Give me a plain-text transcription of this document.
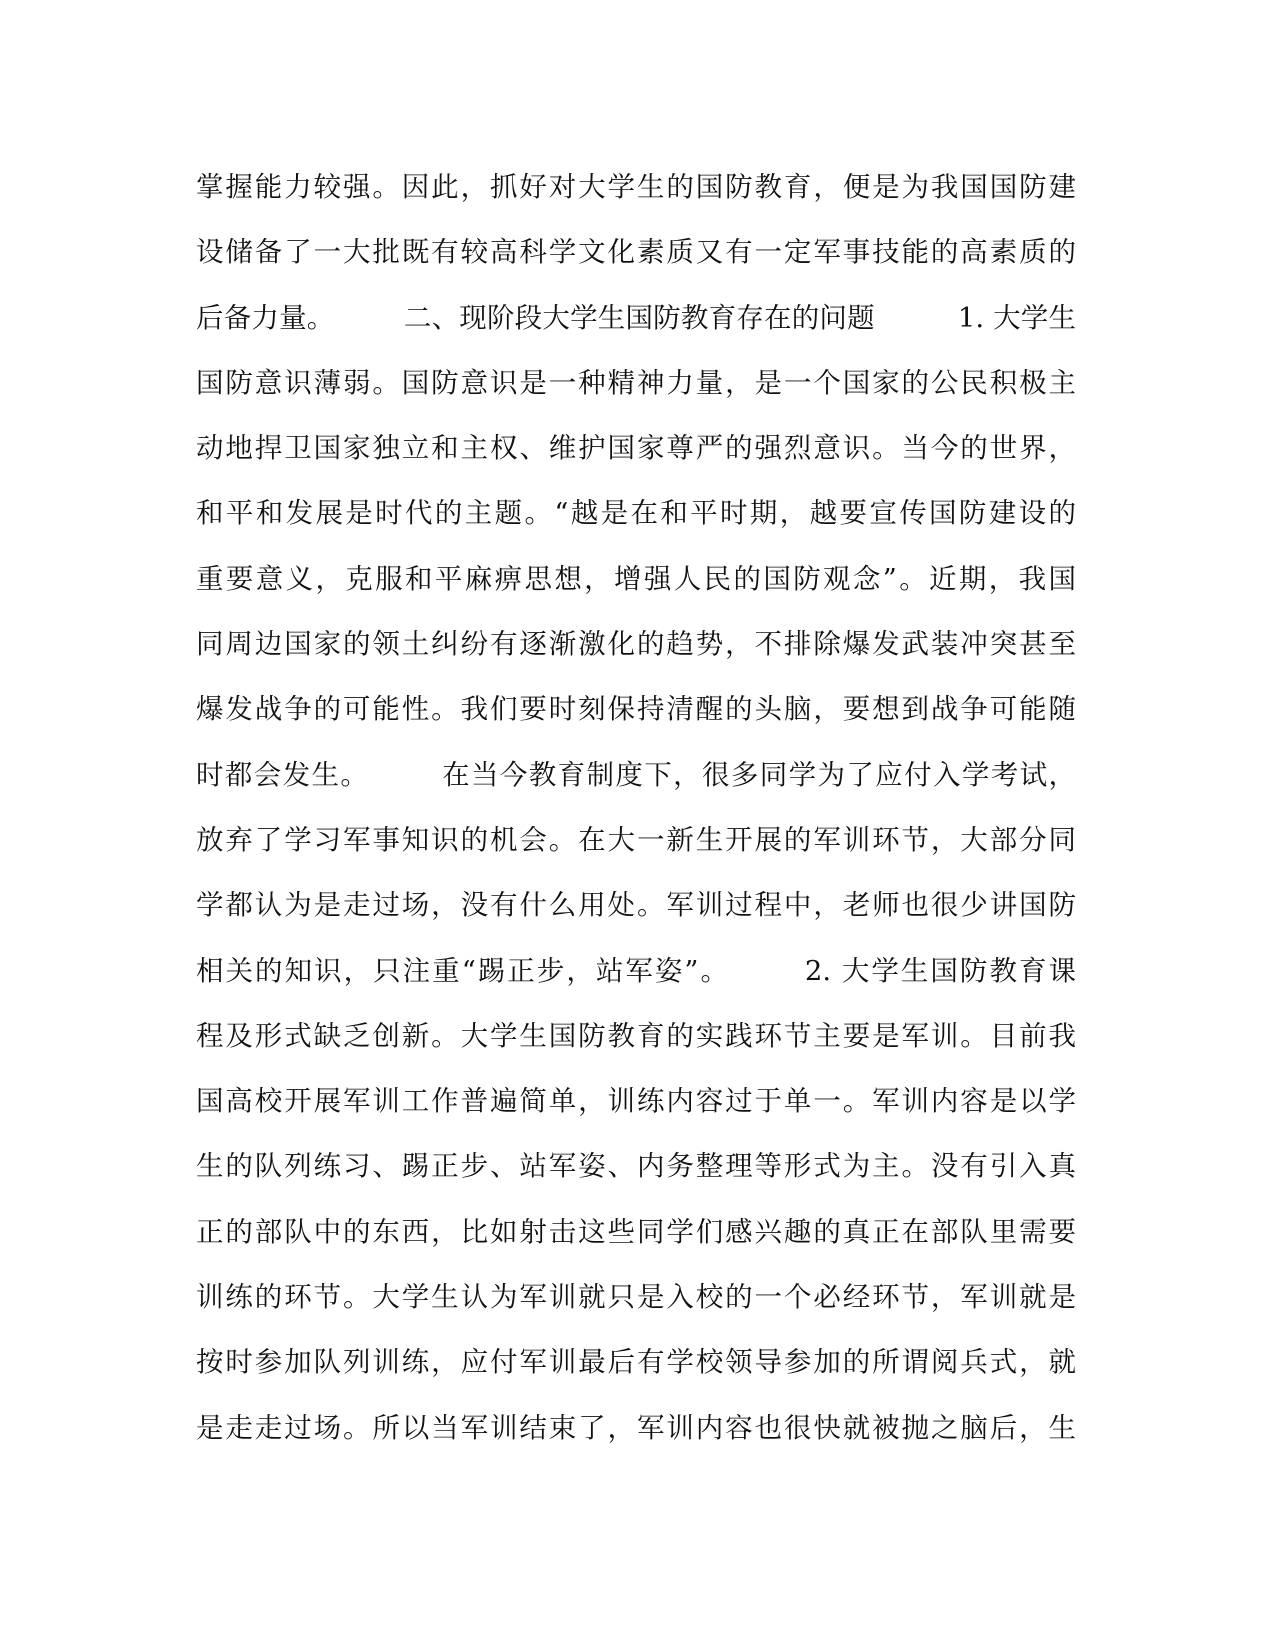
掌握能力较强。因此，抓好对大学生的国防教育，便是为我国国防建
设储备了一大批既有较高科学文化素质又有一定军事技能的高素质的
后备力量。　　　二、现阶段大学生国防教育存在的问题　　　1. 大学生
国防意识薄弱。国防意识是一种精神力量，是一个国家的公民积极主
动地捍卫国家独立和主权、维护国家尊严的强烈意识。当今的世界，
和平和发展是时代的主题。“越是在和平时期，越要宣传国防建设的
重要意义，克服和平麻痹思想，增强人民的国防观念”。近期，我国
同周边国家的领土纠纷有逐渐激化的趋势，不排除爆发武装冲突甚至
爆发战争的可能性。我们要时刻保持清醒的头脑，要想到战争可能随
时都会发生。　　　在当今教育制度下，很多同学为了应付入学考试，
放弃了学习军事知识的机会。在大一新生开展的军训环节，大部分同
学都认为是走过场，没有什么用处。军训过程中，老师也很少讲国防
相关的知识，只注重“踢正步，站军姿”。　　　2. 大学生国防教育课
程及形式缺乏创新。大学生国防教育的实践环节主要是军训。目前我
国高校开展军训工作普遍简单，训练内容过于单一。军训内容是以学
生的队列练习、踢正步、站军姿、内务整理等形式为主。没有引入真
正的部队中的东西，比如射击这些同学们感兴趣的真正在部队里需要
训练的环节。大学生认为军训就只是入校的一个必经环节，军训就是
按时参加队列训练，应付军训最后有学校领导参加的所谓阅兵式，就
是走走过场。所以当军训结束了，军训内容也很快就被抛之脑后，生
